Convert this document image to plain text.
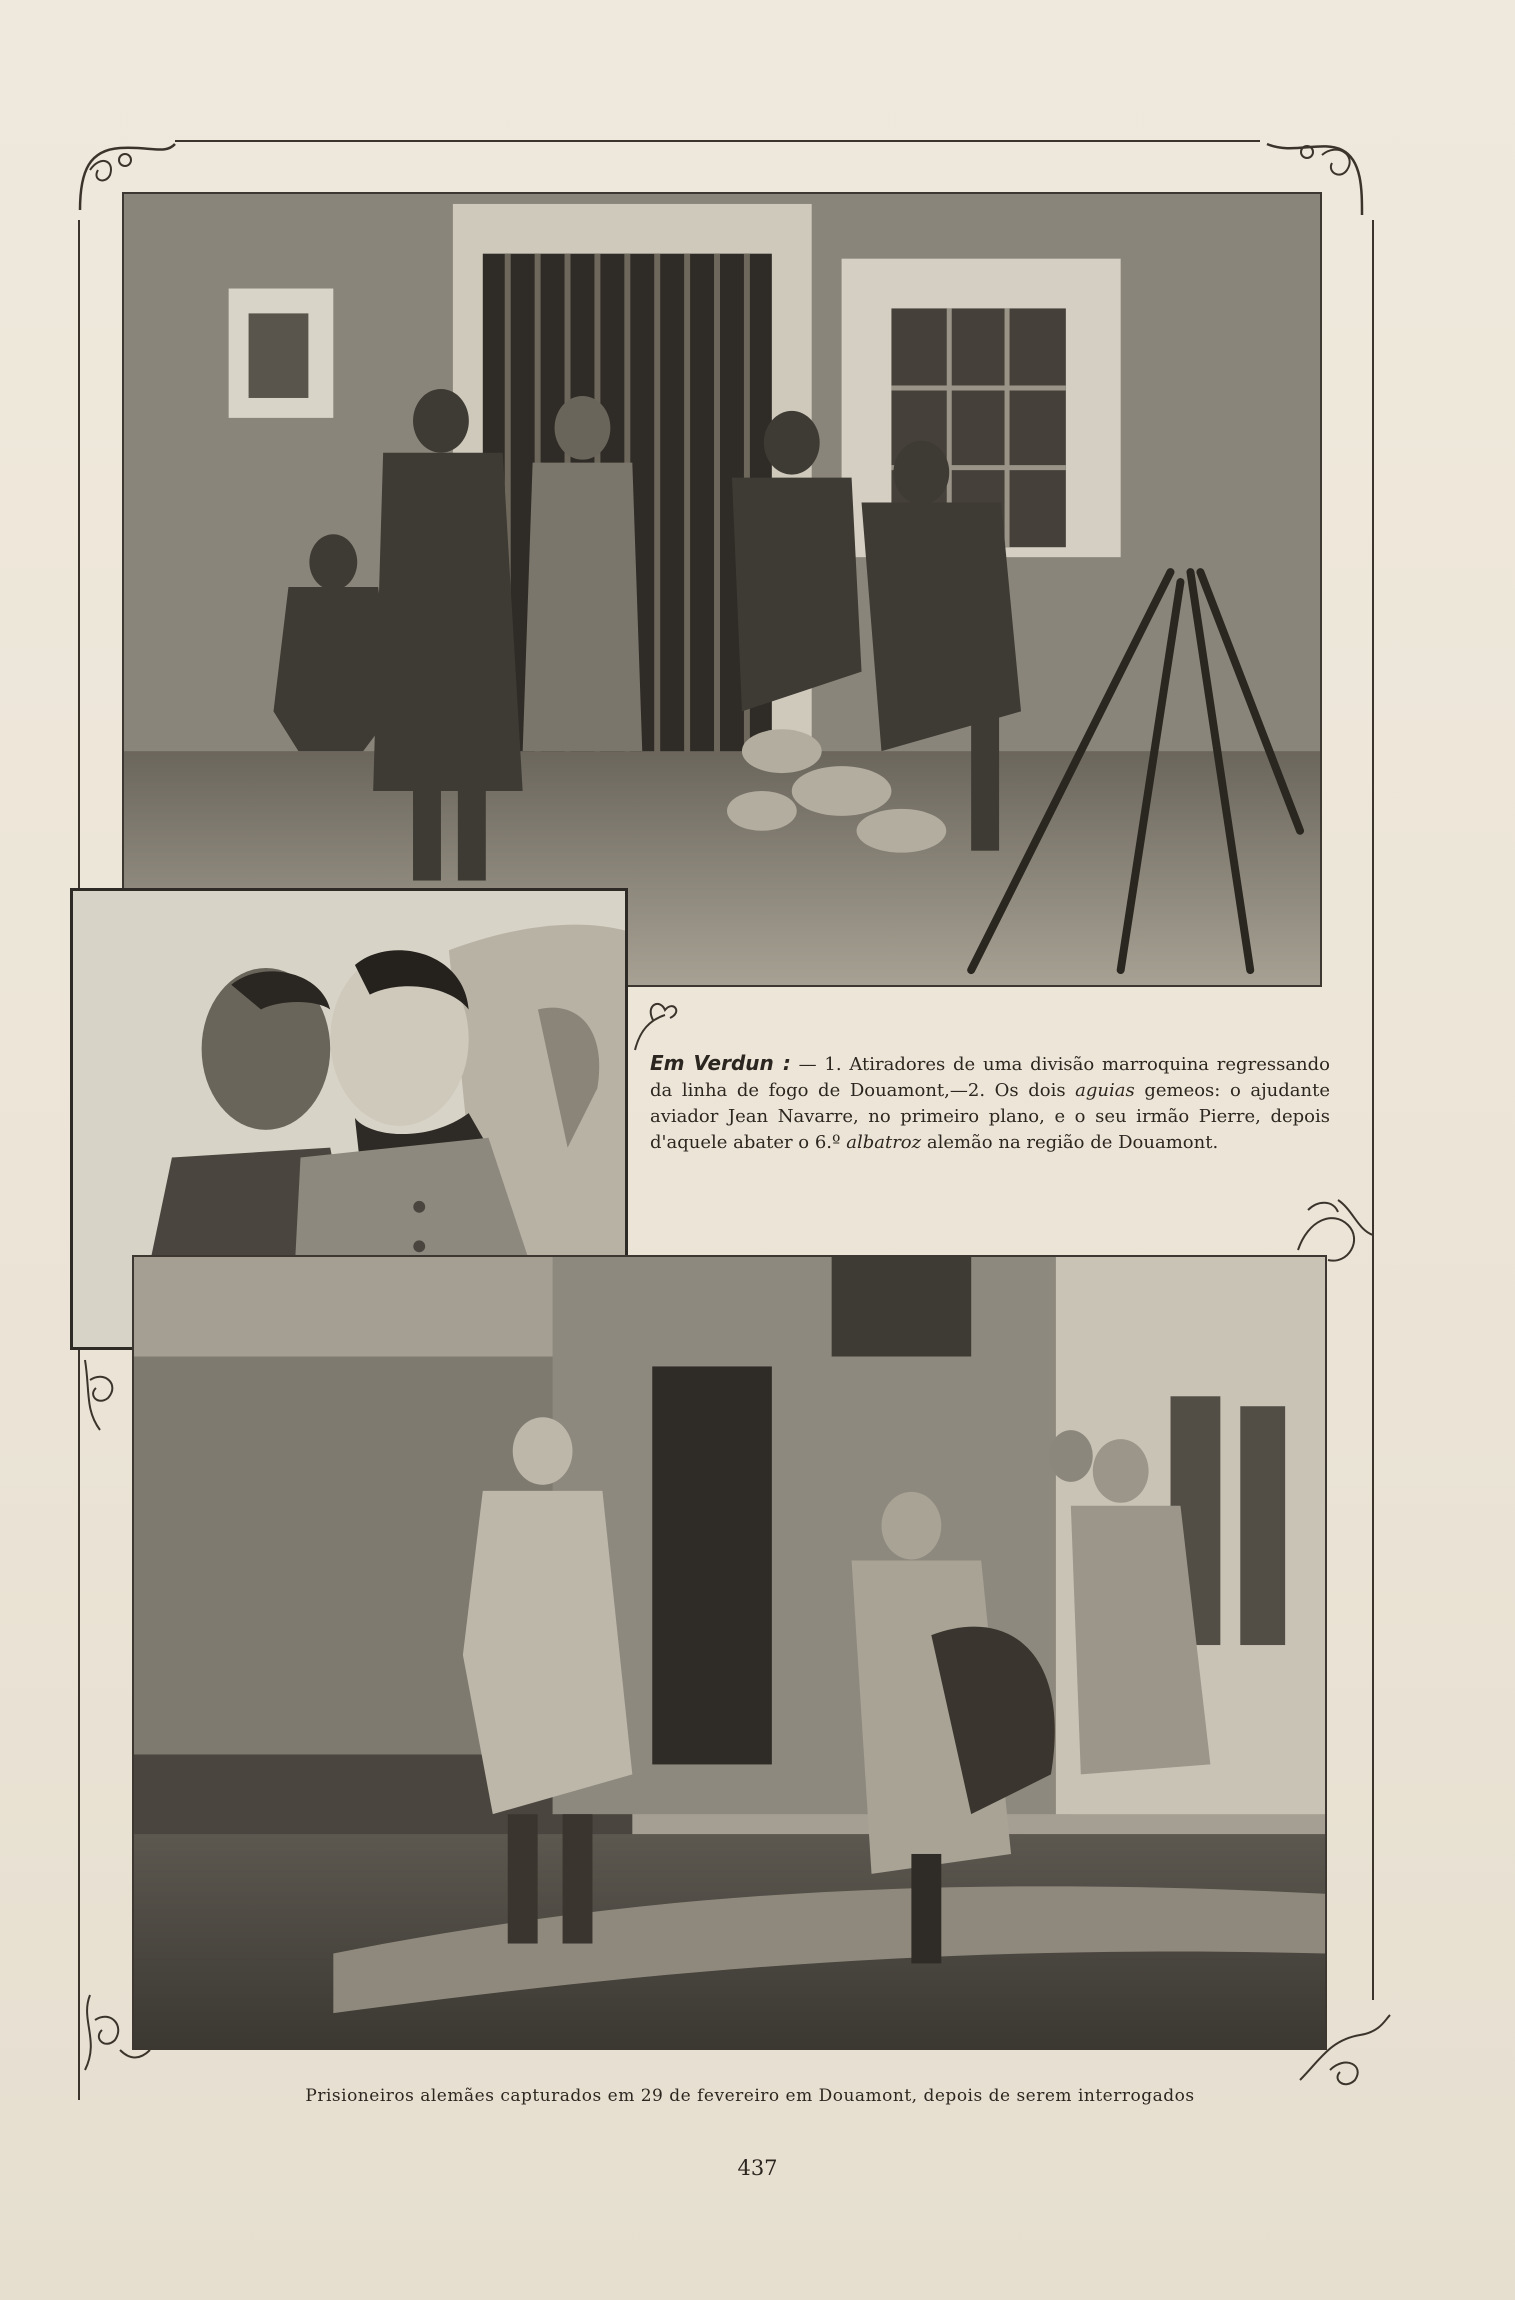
Em Verdun : — 1. Atiradores de uma divisão marroquina regressando da linha de fogo de Douamont,—2. Os dois aguias gemeos: o ajudante aviador Jean Navarre, no primeiro plano, e o seu irmão Pierre, depois d'aquele abater o 6.º albatroz alemão na região de Douamont.
Prisioneiros alemães capturados em 29 de fevereiro em Douamont, depois de serem interrogados
437
